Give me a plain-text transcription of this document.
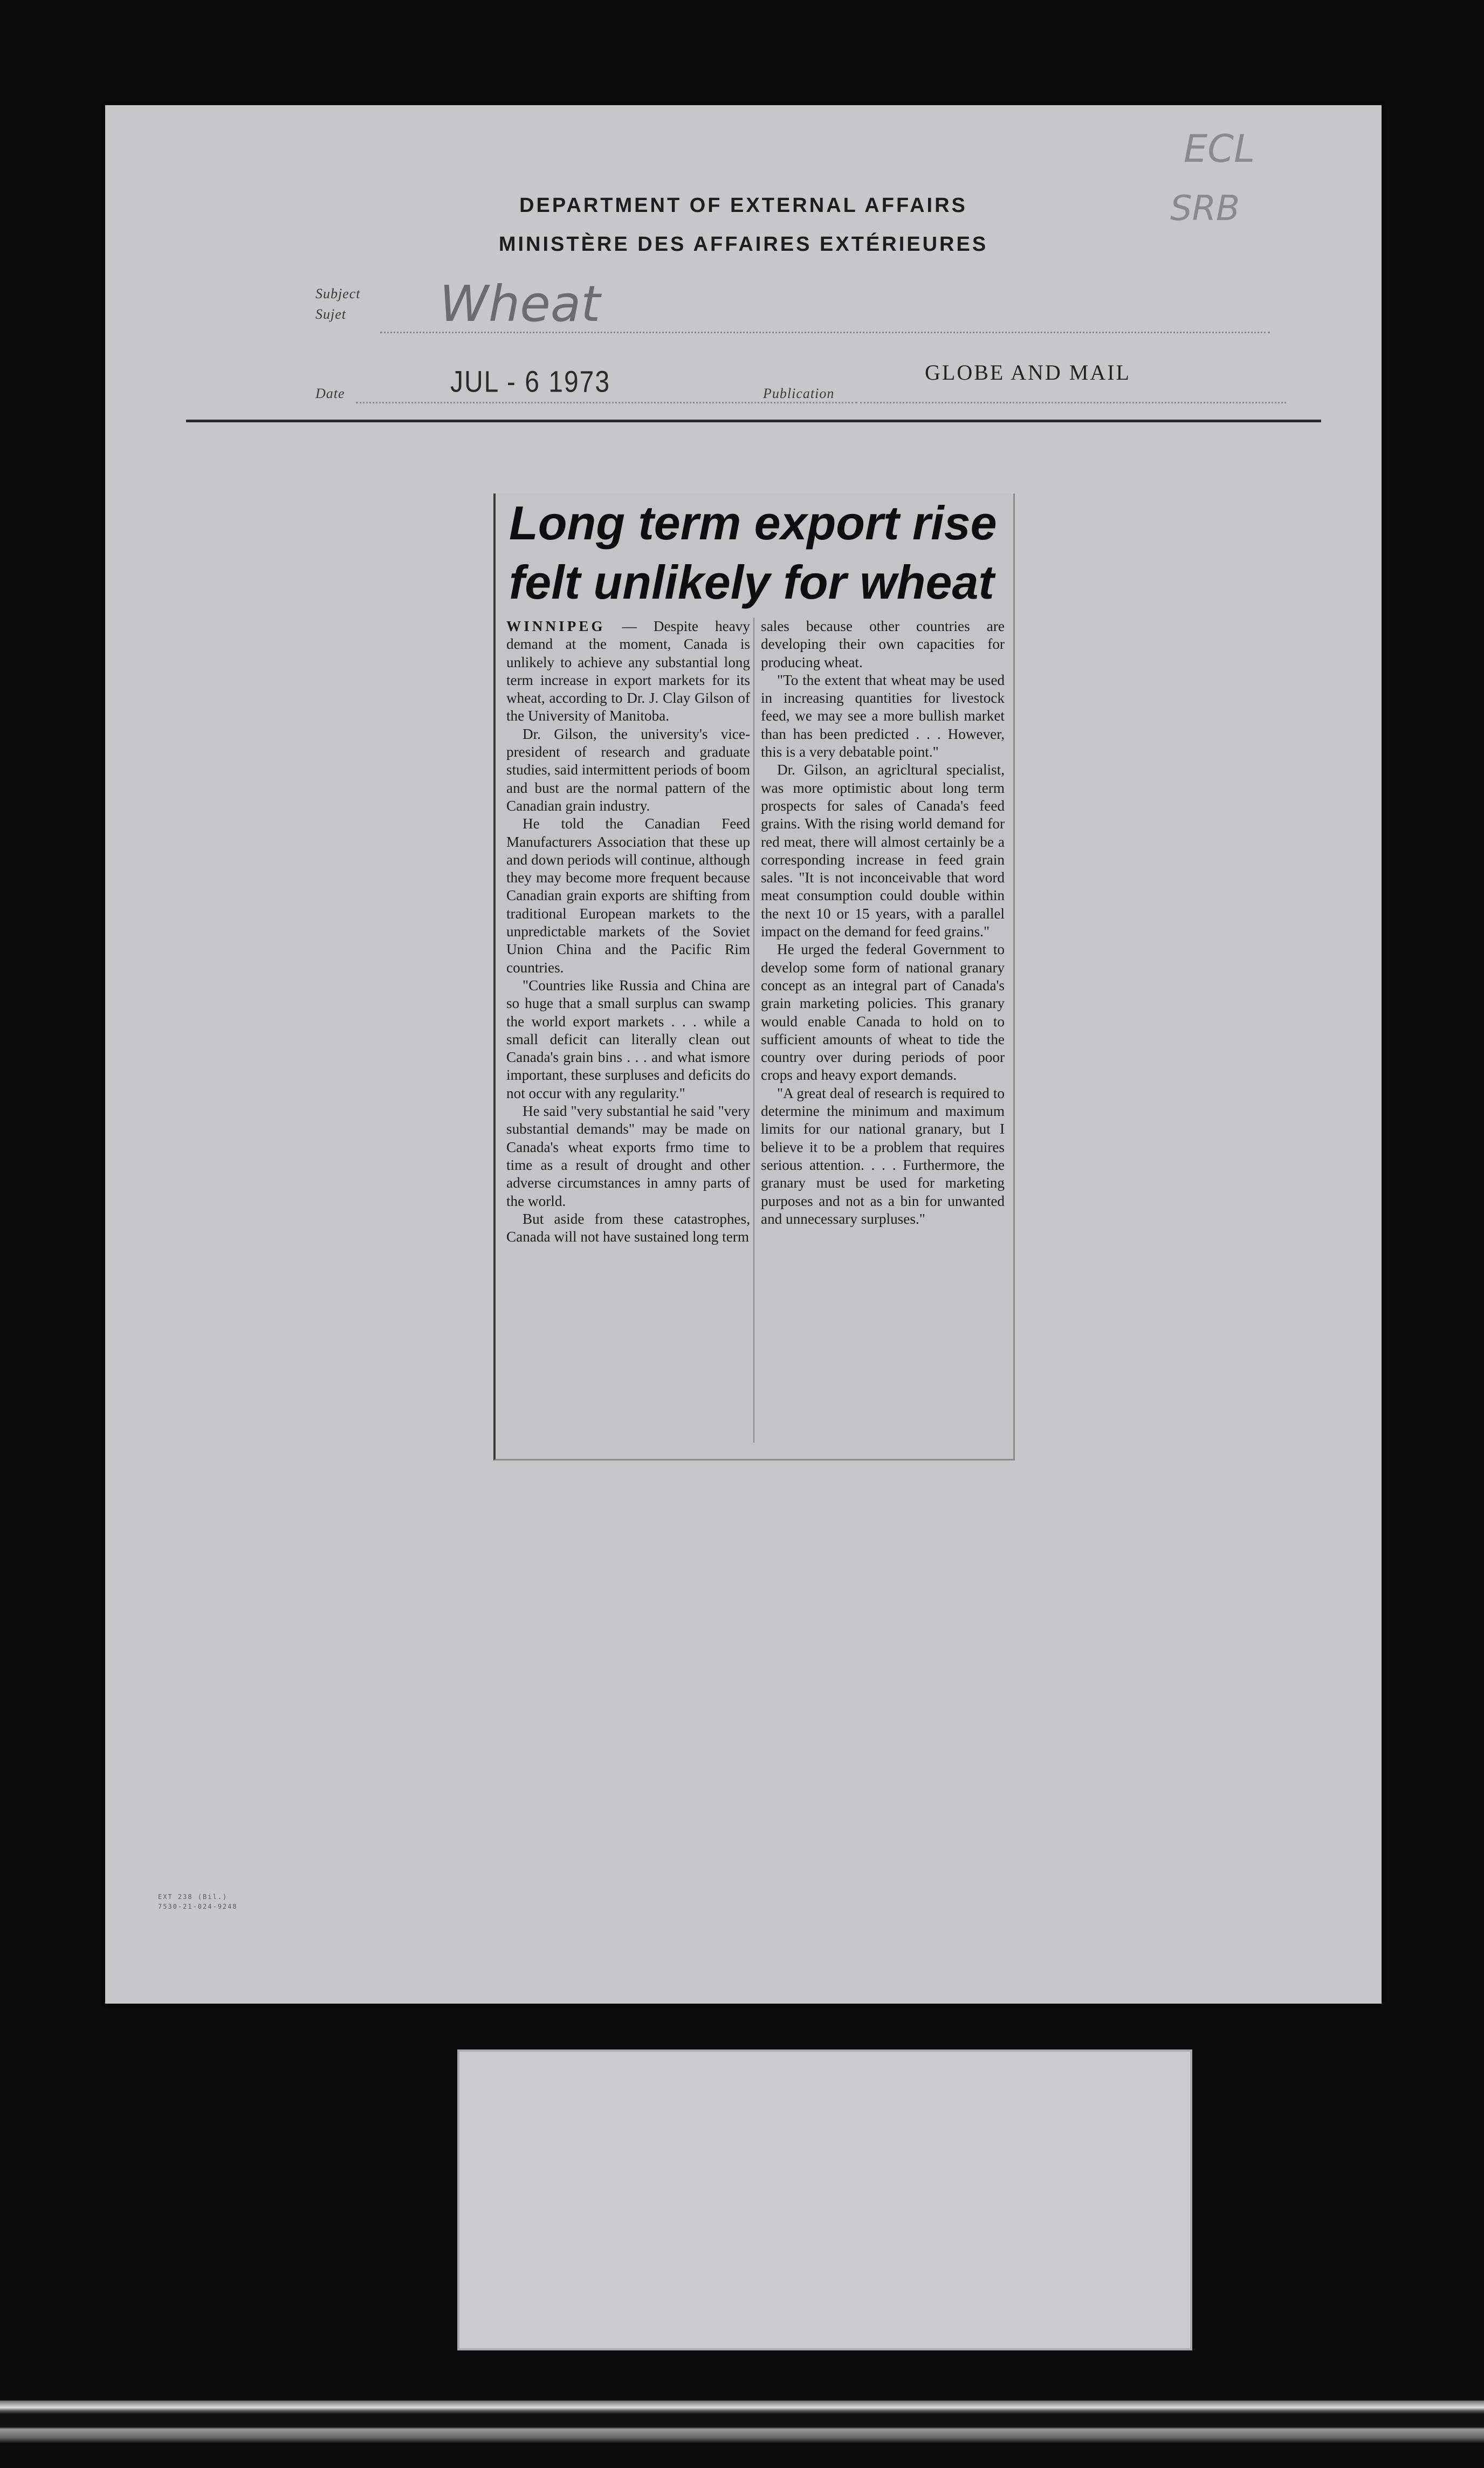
ECL
SRB
DEPARTMENT OF EXTERNAL AFFAIRS
MINISTÈRE DES AFFAIRES EXTÉRIEURES
Subject
Sujet Wheat
Date	JUL - 6 1973	Publication
GLOBE AND MAIL
Long term export rise
felt unlikely for wheat

WINNIPEG — Despite heavy demand at the moment, Canada is unlikely to achieve any substantial long term increase in export markets for its wheat, according to Dr. J. Clay Gilson of the University of Manitoba.

Dr. Gilson, the university's vice-president of research and graduate studies, said intermittent periods of boom and bust are the normal pattern of the Canadian grain industry.

He told the Canadian Feed Manufacturers Association that these up and down periods will continue, although they may become more frequent because Canadian grain exports are shifting from traditional European markets to the unpredictable markets of the Soviet Union China and the Pacific Rim countries.

"Countries like Russia and China are so huge that a small surplus can swamp the world export markets . . . while a small deficit can literally clean out Canada's grain bins . . . and what ismore important, these surpluses and deficits do not occur with any regularity."

He said "very substantial he said "very substantial demands" may be made on Canada's wheat exports frmo time to time as a result of drought and other adverse circumstances in amny parts of the world.

But aside from these catastrophes, Canada will not have sustained long term

sales because other countries are developing their own capacities for producing wheat.

"To the extent that wheat may be used in increasing quantities for livestock feed, we may see a more bullish market than has been predicted . . . However, this is a very debatable point."

Dr. Gilson, an agricltural specialist, was more optimistic about long term prospects for sales of Canada's feed grains. With the rising world demand for red meat, there will almost certainly be a corresponding increase in feed grain sales. "It is not inconceivable that word meat consumption could double within the next 10 or 15 years, with a parallel impact on the demand for feed grains."

He urged the federal Government to develop some form of national granary concept as an integral part of Canada's grain marketing policies. This granary would enable Canada to hold on to sufficient amounts of wheat to tide the country over during periods of poor crops and heavy export demands.

"A great deal of research is required to determine the minimum and maximum limits for our national granary, but I believe it to be a problem that requires serious attention. . . . Furthermore, the granary must be used for marketing purposes and not as a bin for unwanted and unnecessary surpluses."

EXT 238 (Bil.)
7530-21-024-9248
